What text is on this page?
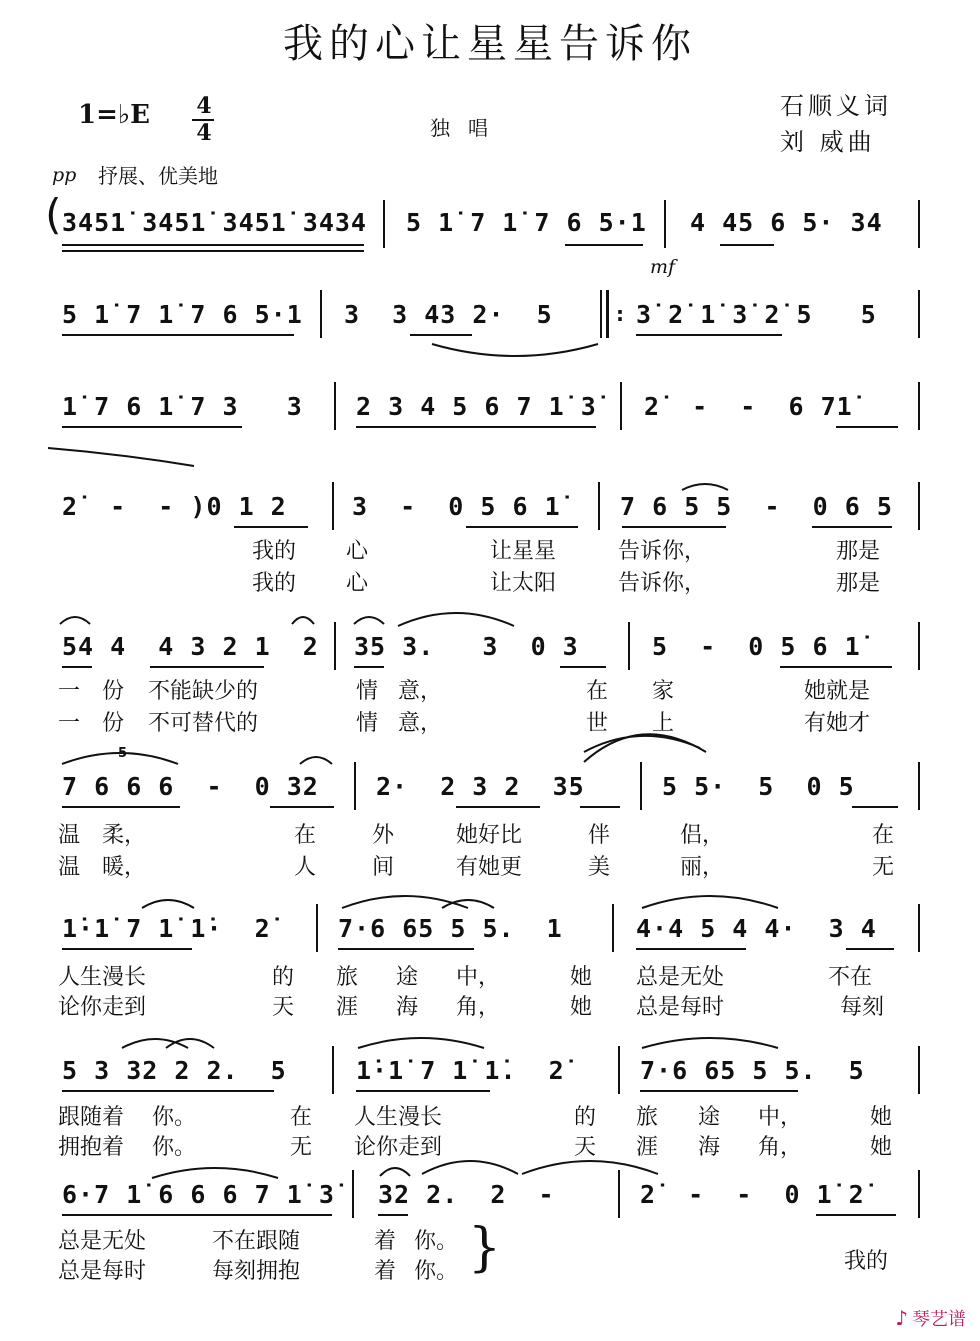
我的心让星星告诉你
1=♭E 4
4	独唱
石顺义词
刘 威曲
pp 抒展、优美地
(
3451̇ 3451̇ 3451̇ 3434 5 1̇ 7 1̇ 7 6 5·1 4 45 6 5· 34
mf
5 1̇ 7 1̇ 7 6 5·1 3  3 43 2·  5	: 3̇ 2̇ 1̇ 3̇ 2̇ 5   5
1̇ 7 6 1̇ 7 3   3 2 3 4 5 6 7 1̇ 3̇ 2̇  -  -  6 71̇
2̇  -  - )0 1 2	3  -  0 5 6 1̇ 7 6 5 5  -  0 6 5
我的 心	让星星	告诉你，	那是
我的 心	让太阳	告诉你，	那是
54 4  4 3 2 1  2 35 3.   3  0 3	5  -  0 5 6 1̇
一 份 不能缺少的	情 意，	在 家	她就是
一 份 不可替代的	情 意，	世 上	有她才
5
7 6 6 6  -  0 32 2·  2 3 2  35	5 5·  5  0 5
温 柔，	在	外	她好比	伴	侣，	在
温 暖，	人	间	有她更	美	丽，	无
1̇·1̇ 7 1̇ 1̇·  2̇	7·6 65 5 5.  1	4·4 5 4 4·  3 4
人生漫长	的 旅 途 中，	她 总是无处	不在
论你走到	天 涯 海 角，	她 总是每时	每刻
5 3 32 2 2.  5	1̇·1̇ 7 1̇ 1̇.  2̇	7·6 65 5 5.  5
跟随着 你。	在 人生漫长	的 旅 途 中，	她
拥抱着 你。	无 论你走到	天 涯 海 角，	她
6·7 1̇ 6 6 6 7 1̇ 3̇ 32 2.  2  -	2̇  -  -  0 1̇ 2̇
总是无处	不在跟随	着 你。
总是每时	每刻拥抱	着 你。 }	我的
♪ 琴艺谱
